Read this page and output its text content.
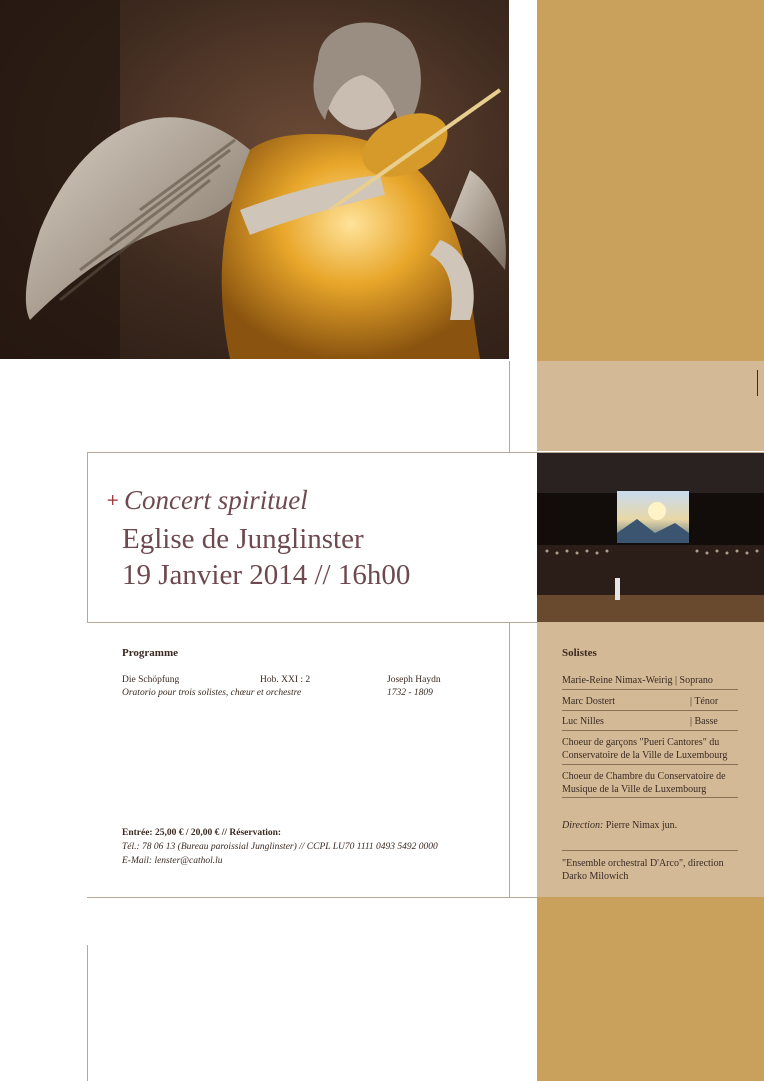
+ Concert spirituel
Eglise de Junglinster
19 Janvier 2014 // 16h00
Programme
Die Schöpfung	Hob. XXI : 2	Joseph Haydn
Oratorio pour trois solistes, chœur et orchestre	1732 - 1809
Entrée: 25,00 € / 20,00 € // Réservation:
Tél.: 78 06 13 (Bureau paroissial Junglinster) // CCPL LU70 1111 0493 5492 0000
E-Mail: lenster@cathol.lu
Solistes
Marie-Reine Nimax-Weirig | Soprano
Marc Dostert	| Ténor
Luc Nilles	| Basse
Choeur de garçons "Pueri Cantores" du Conservatoire de la Ville de Luxembourg
Choeur de Chambre du Conservatoire de Musique de la Ville de Luxembourg
Direction: Pierre Nimax jun.
"Ensemble orchestral D'Arco", direction Darko Milowich
